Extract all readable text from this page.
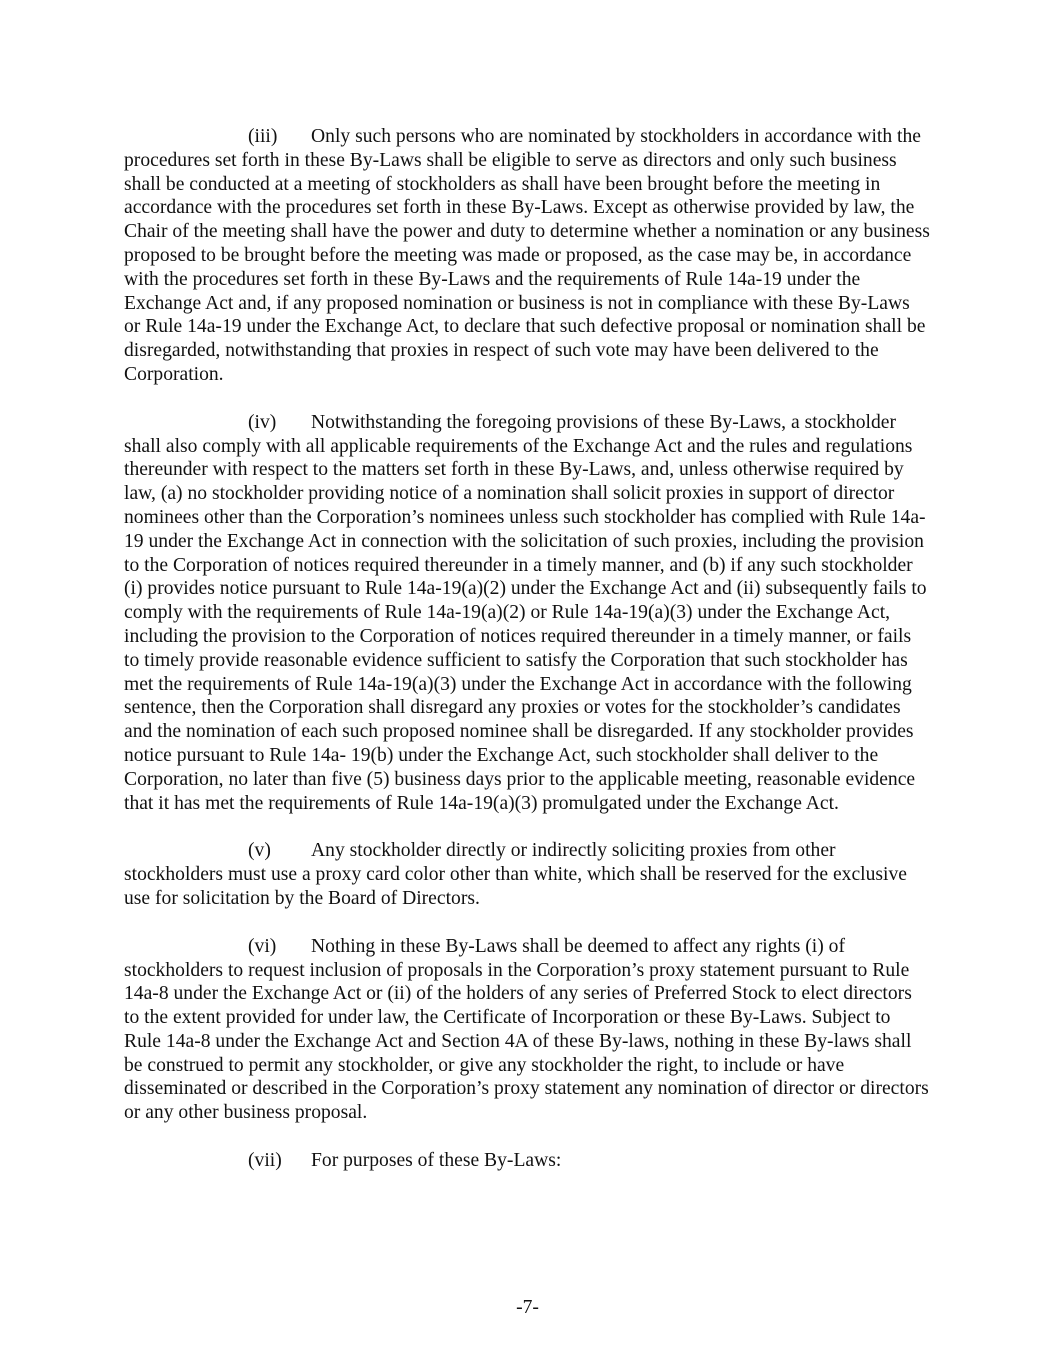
(iii) Only such persons who are nominated by stockholders in accordance with the procedures set forth in these By-Laws shall be eligible to serve as directors and only such business shall be conducted at a meeting of stockholders as shall have been brought before the meeting in accordance with the procedures set forth in these By-Laws. Except as otherwise provided by law, the Chair of the meeting shall have the power and duty to determine whether a nomination or any business proposed to be brought before the meeting was made or proposed, as the case may be, in accordance with the procedures set forth in these By-Laws and the requirements of Rule 14a-19 under the Exchange Act and, if any proposed nomination or business is not in compliance with these By-Laws or Rule 14a-19 under the Exchange Act, to declare that such defective proposal or nomination shall be disregarded, notwithstanding that proxies in respect of such vote may have been delivered to the Corporation.

(iv) Notwithstanding the foregoing provisions of these By-Laws, a stockholder shall also comply with all applicable requirements of the Exchange Act and the rules and regulations thereunder with respect to the matters set forth in these By-Laws, and, unless otherwise required by law, (a) no stockholder providing notice of a nomination shall solicit proxies in support of director nominees other than the Corporation’s nominees unless such stockholder has complied with Rule 14a-19 under the Exchange Act in connection with the solicitation of such proxies, including the provision to the Corporation of notices required thereunder in a timely manner, and (b) if any such stockholder (i) provides notice pursuant to Rule 14a-19(a)(2) under the Exchange Act and (ii) subsequently fails to comply with the requirements of Rule 14a-19(a)(2) or Rule 14a-19(a)(3) under the Exchange Act, including the provision to the Corporation of notices required thereunder in a timely manner, or fails to timely provide reasonable evidence sufficient to satisfy the Corporation that such stockholder has met the requirements of Rule 14a-19(a)(3) under the Exchange Act in accordance with the following sentence, then the Corporation shall disregard any proxies or votes for the stockholder’s candidates and the nomination of each such proposed nominee shall be disregarded. If any stockholder provides notice pursuant to Rule 14a- 19(b) under the Exchange Act, such stockholder shall deliver to the Corporation, no later than five (5) business days prior to the applicable meeting, reasonable evidence that it has met the requirements of Rule 14a-19(a)(3) promulgated under the Exchange Act.

(v) Any stockholder directly or indirectly soliciting proxies from other stockholders must use a proxy card color other than white, which shall be reserved for the exclusive use for solicitation by the Board of Directors.

(vi) Nothing in these By-Laws shall be deemed to affect any rights (i) of stockholders to request inclusion of proposals in the Corporation’s proxy statement pursuant to Rule 14a-8 under the Exchange Act or (ii) of the holders of any series of Preferred Stock to elect directors to the extent provided for under law, the Certificate of Incorporation or these By-Laws. Subject to Rule 14a-8 under the Exchange Act and Section 4A of these By-laws, nothing in these By-laws shall be construed to permit any stockholder, or give any stockholder the right, to include or have disseminated or described in the Corporation’s proxy statement any nomination of director or directors or any other business proposal.

(vii) For purposes of these By-Laws:

-7-
